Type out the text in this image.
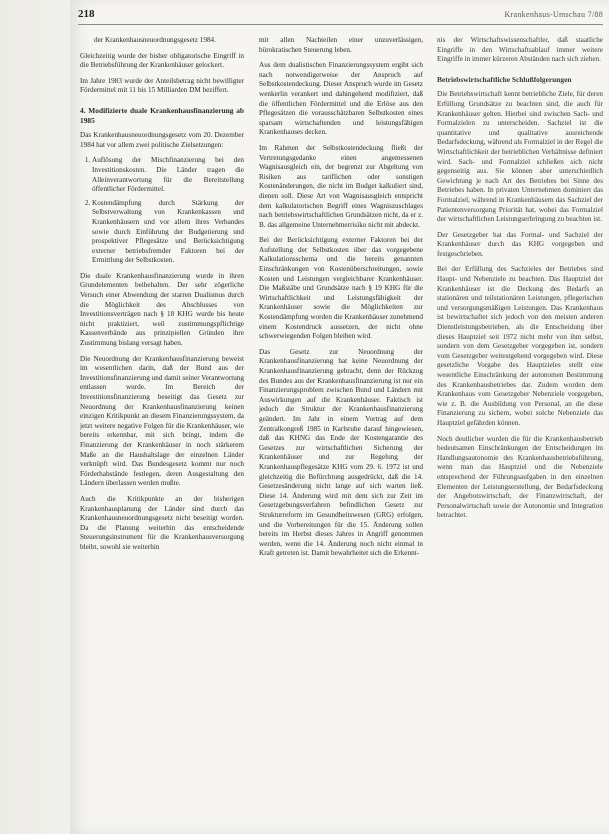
218	Krankenhaus-Umschau 7/88

der Krankenhausneuordnungsgesetz 1984.

Gleichzeitig wurde der bisher obligatorische Eingriff in die Betriebsführung der Krankenhäuser gelockert.

Im Jahre 1983 wurde der Anteilsbetrag nicht bewilligter Fördermittel mit 11 bis 15 Milliarden DM beziffert.

4. Modifizierte duale Krankenhausfinanzierung ab 1985

Das Krankenhausneuordnungsgesetz vom 20. Dezember 1984 hat vor allem zwei politische Zielsetzungen:

1. Auflösung der Mischfinanzierung bei den Investitionskosten. Die Länder tragen die Alleinverantwortung für die Bereitstellung öffentlicher Fördermittel.
2. Kostendämpfung durch Stärkung der Selbstverwaltung von Krankenkassen und Krankenhäusern und vor allem ihres Verbandes sowie durch Einführung der Budgetierung und prospektiver Pflegesätze und Berücksichtigung externer betriebsfremder Faktoren bei der Ermittlung der Selbstkosten.

Die duale Krankenhausfinanzierung wurde in ihren Grundelementen beibehalten. Der sehr zögerliche Versuch einer Abwendung der starren Dualismus durch die Möglichkeit des Abschlusses von Investitionsverträgen nach § 18 KHG wurde bis heute nicht praktiziert, weil zustimmungspflichtige Kassenverbände aus prinzipiellen Gründen ihre Zustimmung bislang versagt haben.

Die Neuordnung der Krankenhausfinanzierung beweist im wesentlichen darin, daß der Bund aus der Investitionsfinanzierung und damit seiner Verantwortung entlassen wurde. Im Bereich der Investitionsfinanzierung beseitigt das Gesetz zur Neuordnung der Krankenhausfinanzierung keinen einzigen Kritikpunkt an diesem Finanzierungssystem, da jetzt weitere negative Folgen für die Krankenhäuser, wie bereits erkennbar, mit sich bringt, indem die Finanzierung der Krankenhäuser in noch stärkerem Maße an die Haushaltslage der einzelnen Länder verknüpft wird. Das Bundesgesetz kommt nur noch Förderhabstände festlegen, deren Ausgestaltung den Ländern überlassen werden mußte.

Auch die Kritikpunkte an der bisherigen Krankenhausplanung der Länder sind durch das Krankenhausneuordnungsgesetz nicht beseitigt worden. Da die Planung weiterhin das entscheidende Steuerungsinstrument für die Krankenhausversorgung bleibt, sowohl sie weiterhin

mit allen Nachteilen einer unzuverlässigen, bürokratischen Steuerung leben.

Aus dem dualistischen Finanzierungssystem ergibt sich nach notwendigerweise der Anspruch auf Selbstkostendeckung. Dieser Anspruch wurde im Gesetz wenkerlin verankert und dahingehend modifiziert, daß die öffentlichen Fördermittel und die Erlöse aus den Pflegesätzen die vorausschätzbaren Selbstkosten eines sparsam wirtschaftenden und leistungsfähigen Krankenhauses decken.

Im Rahmen der Selbstkostendeckung fließt der Vertretungsgedanke einen angemessenen Wagnisausgleich ein, der begrenzt zur Abgeltung von Risiken aus tariflichen oder sonstigen Kostenänderungen, die nicht im Budget kalkuliert sind, dienen soll. Diese Art von Wagnisausgleich entspricht dem kalkulatorischen Begriff eines Wagniszuschlages nach betriebswirtschaftlichen Grundsätzen nicht, da er z. B. das allgemeine Unternehmerrisiko nicht mit abdeckt.

Bei der Berücksichtigung externer Faktoren bei der Aufstellung der Selbstkosten über das vorgegebene Kalkulationsschema und die bereits genannten Einschränkungen von Kostenüberschreitungen, sowie Kosten und Leistungen vergleichbarer Krankenhäuser. Die Maßstäbe und Grundsätze nach § 19 KHG für die Wirtschaftlichkeit und Leistungsfähigkeit der Krankenhäuser sowie die Möglichkeiten zur Kostendämpfung worden die Krankenhäuser zunehmend einem Kostendruck aussetzen, der nicht ohne schwerwiegenden Folgen bleiben wird.

Das Gesetz zur Neuordnung der Krankenhausfinanzierung hat keine Neuordnung der Krankenhausfinanzierung gebracht, denn der Rückzug des Bundes aus der Krankenhausfinanzierung ist nur ein Finanzierungsproblem zwischen Bund und Ländern mit Auswirkungen auf die Krankenhäuser. Faktisch ist jedoch die Struktur der Krankenhausfinanzierung geändert. Im Jahr in einem Vortrag auf dem Zentralkongreß 1985 in Karlsruhe darauf hingewiesen, daß das KHNG das Ende der Kostengarantie des Gesetzes zur wirtschaftlichen Sicherung der Krankenhäuser und zur Regelung der Krankenhauspflegesätze KHG vom 29. 6. 1972 ist und gleichzeitig die Befürchtung ausgedrückt, daß die 14. Gesetzesänderung nicht lange auf sich warten ließ. Diese 14. Änderung wird mit dem sich zur Zeit im Gesetzgebungsverfahren befindlichen Gesetz zur Strukturreform im Gesundheitswesen (GRG) erfolgen, und die Vorbereitungen für die 15. Änderung sollen bereits im Herbst dieses Jahres in Angriff genommen werden, wenn die 14. Änderung noch nicht einmal in Kraft getreten ist. Damit bewahrheitet sich die Erkennt-

nis der Wirtschaftswissenschaftler, daß staatliche Eingriffe in den Wirtschaftsablauf immer weitere Eingriffe in immer kürzeren Abständen nach sich ziehen.

Betriebswirtschaftliche Schlußfolgerungen

Die Betriebswirtschaft kennt betriebliche Ziele, für deren Erfüllung Grundsätze zu beachten sind, die auch für Krankenhäuser gelten. Hierbei sind zwischen Sach- und Formalzielen zu unterscheiden. Sachziel ist die quantitative und qualitative ausreichende Bedarfsdeckung, während als Formalziel in der Regel die Wirtschaftlichkeit der betrieblichen Verhältnisse definiert wird. Sach- und Formalziel schließen sich nicht gegenseitig aus. Sie können aber unterschiedlich Gewichtung je nach Art des Betriebes bei Sinne des Betriebes haben. In privaten Unternehmen dominiert das Formalziel, während in Krankenhäusern das Sachziel der Patientenversorgung Priorität hat, wobei das Formalziel der wirtschaftlichen Leistungserbringung zu beachten ist.

Der Gesetzgeber hat das Formal- und Sachziel der Krankenhäuser durch das KHG vorgegeben und festgeschrieben.

Bei der Erfüllung des Sachzieles der Betriebes sind Haupt- und Nebenziele zu beachten. Das Hauptziel der Krankenhäuser ist die Deckung des Bedarfs an stationären und teilstationären Leistungen, pflegerischen und versorgungsmäßigen Leistungen. Das Krankenhaus ist bewirtschaftet sich jedoch von den meisten anderen Dienstleistungsbetrieben, als die Entscheidung über dieses Hauptziel seit 1972 nicht mehr von ihm selbst, sondern von dem Gesetzgeber vorgegeben ist, sondern vom Gesetzgeber weitestgehend vorgegeben wird. Diese gesetzliche Vorgabe des Hauptzieles stellt eine wesentliche Einschränkung der autonomen Bestimmung des Krankenhausbetriebes dar. Zudem worden dem Krankenhaus vom Gesetzgeber Nebenziele vorgegeben, wie z. B. die Ausbildung von Personal, an die diese Finanzierung zu sichern, wobei solche Nebenziele das Hauptziel gefährden können.

Noch deutlicher wurden die für die Krankenhausbetrieb bedeutsamen Einschränkungen der Entscheidungen im Handlungsautonomie des Krankenhausbetriebsführung, wenn man das Hauptziel und die Nebenziele entsprechend der Führungsaufgaben in den einzelnen Elementen der Leistungserstellung, der Bedarfsdeckung der Angebotswirtschaft, der Finanzwirtschaft, der Personalwirtschaft sowie der Autonomie und Integration betrachtet.
